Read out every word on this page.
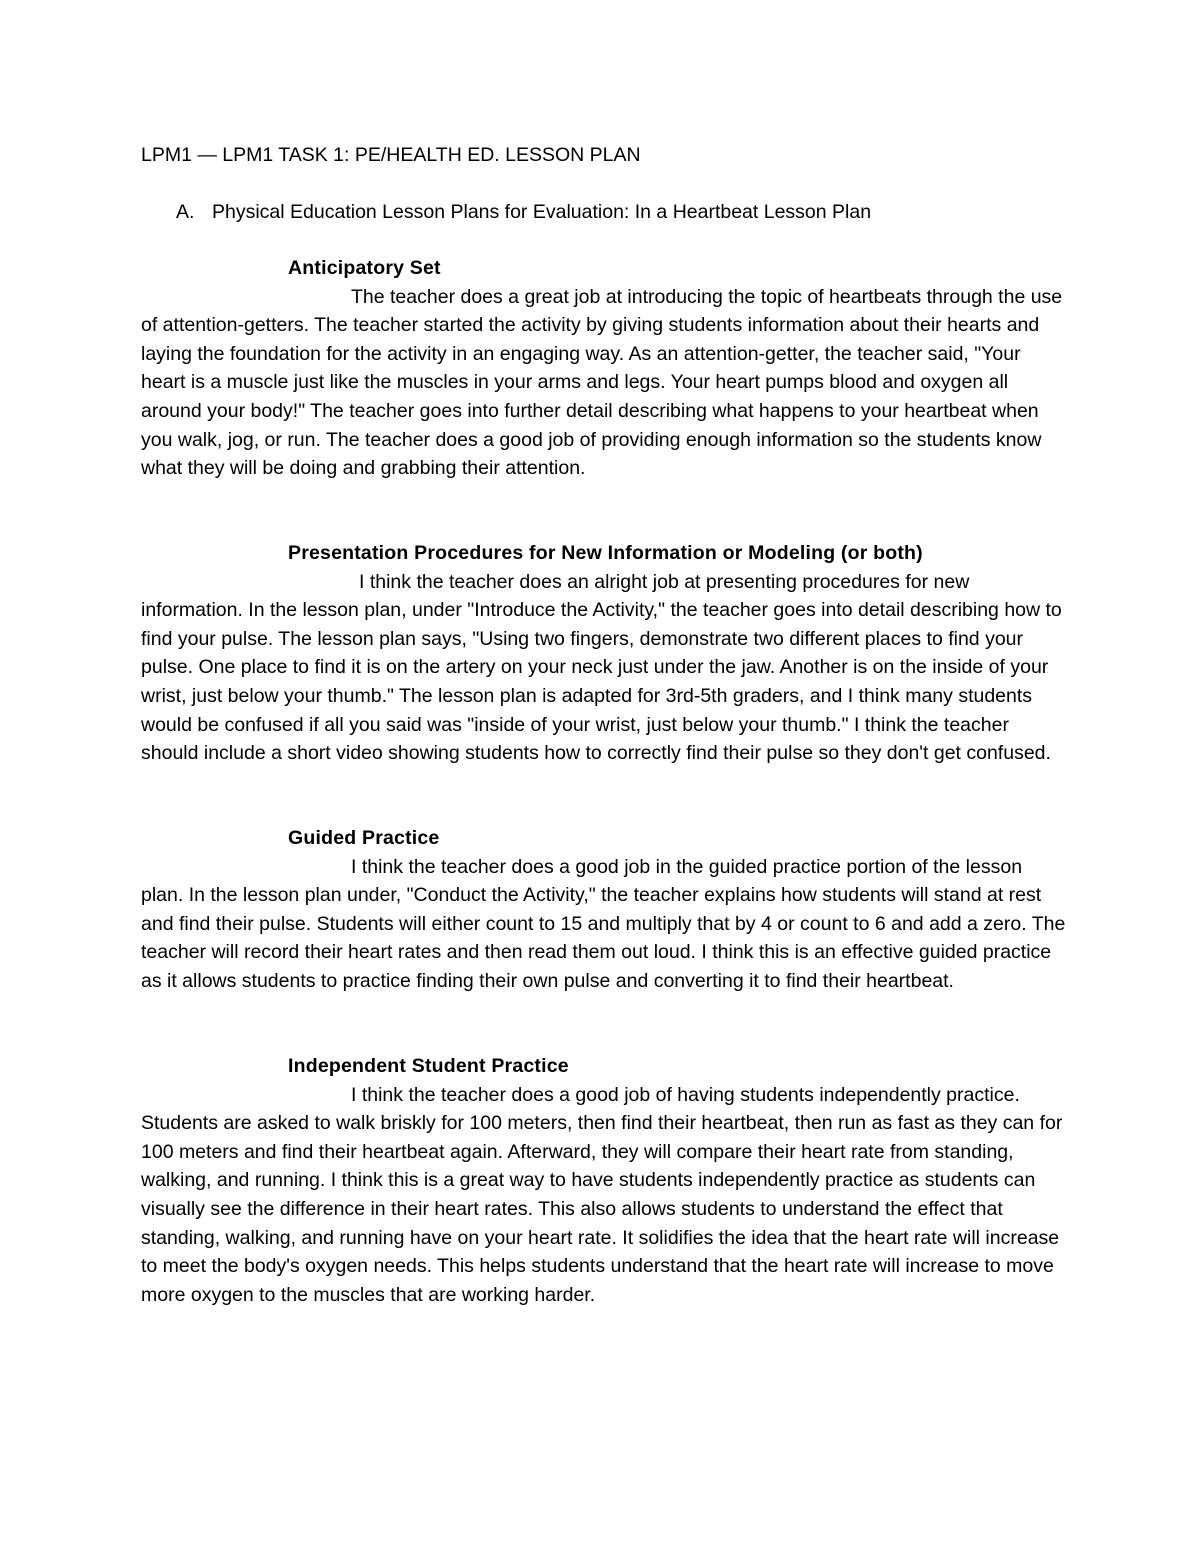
LPM1 — LPM1 TASK 1: PE/HEALTH ED. LESSON PLAN
A. Physical Education Lesson Plans for Evaluation: In a Heartbeat Lesson Plan
Anticipatory Set

The teacher does a great job at introducing the topic of heartbeats through the use of attention-getters. The teacher started the activity by giving students information about their hearts and laying the foundation for the activity in an engaging way. As an attention-getter, the teacher said, "Your heart is a muscle just like the muscles in your arms and legs. Your heart pumps blood and oxygen all around your body!" The teacher goes into further detail describing what happens to your heartbeat when you walk, jog, or run. The teacher does a good job of providing enough information so the students know what they will be doing and grabbing their attention.

Presentation Procedures for New Information or Modeling (or both)

I think the teacher does an alright job at presenting procedures for new information. In the lesson plan, under "Introduce the Activity," the teacher goes into detail describing how to find your pulse. The lesson plan says, "Using two fingers, demonstrate two different places to find your pulse. One place to find it is on the artery on your neck just under the jaw. Another is on the inside of your wrist, just below your thumb." The lesson plan is adapted for 3rd-5th graders, and I think many students would be confused if all you said was "inside of your wrist, just below your thumb." I think the teacher should include a short video showing students how to correctly find their pulse so they don't get confused.

Guided Practice

I think the teacher does a good job in the guided practice portion of the lesson plan. In the lesson plan under, "Conduct the Activity," the teacher explains how students will stand at rest and find their pulse. Students will either count to 15 and multiply that by 4 or count to 6 and add a zero. The teacher will record their heart rates and then read them out loud. I think this is an effective guided practice as it allows students to practice finding their own pulse and converting it to find their heartbeat.

Independent Student Practice

I think the teacher does a good job of having students independently practice. Students are asked to walk briskly for 100 meters, then find their heartbeat, then run as fast as they can for 100 meters and find their heartbeat again. Afterward, they will compare their heart rate from standing, walking, and running. I think this is a great way to have students independently practice as students can visually see the difference in their heart rates. This also allows students to understand the effect that standing, walking, and running have on your heart rate. It solidifies the idea that the heart rate will increase to meet the body's oxygen needs. This helps students understand that the heart rate will increase to move more oxygen to the muscles that are working harder.
